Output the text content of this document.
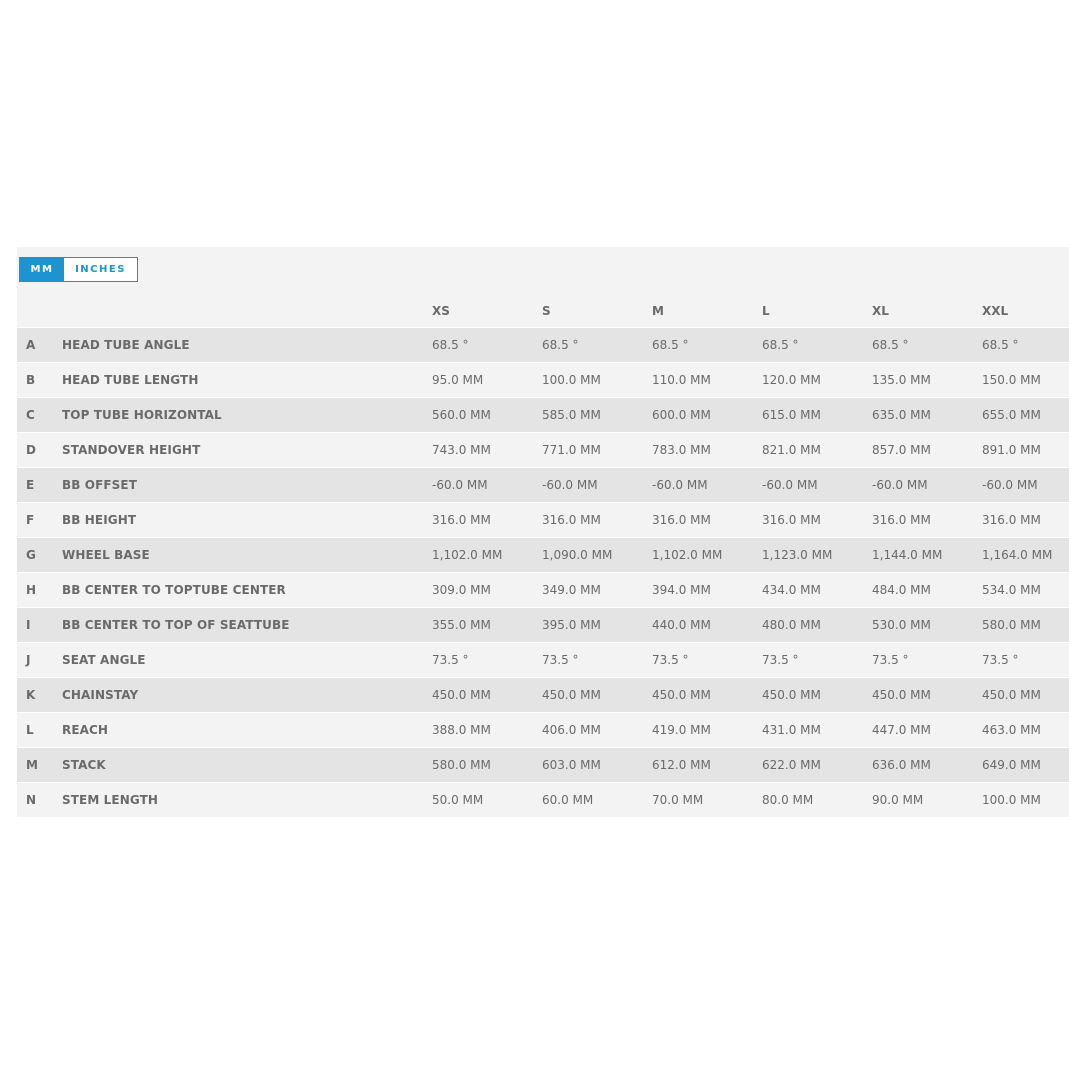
MM	INCHES
		XS	S	M	L	XL	XXL
A	HEAD TUBE ANGLE	68.5 °	68.5 °	68.5 °	68.5 °	68.5 °	68.5 °
B	HEAD TUBE LENGTH	95.0 MM	100.0 MM	110.0 MM	120.0 MM	135.0 MM	150.0 MM
C	TOP TUBE HORIZONTAL	560.0 MM	585.0 MM	600.0 MM	615.0 MM	635.0 MM	655.0 MM
D	STANDOVER HEIGHT	743.0 MM	771.0 MM	783.0 MM	821.0 MM	857.0 MM	891.0 MM
E	BB OFFSET	-60.0 MM	-60.0 MM	-60.0 MM	-60.0 MM	-60.0 MM	-60.0 MM
F	BB HEIGHT	316.0 MM	316.0 MM	316.0 MM	316.0 MM	316.0 MM	316.0 MM
G	WHEEL BASE	1,102.0 MM	1,090.0 MM	1,102.0 MM	1,123.0 MM	1,144.0 MM	1,164.0 MM
H	BB CENTER TO TOPTUBE CENTER	309.0 MM	349.0 MM	394.0 MM	434.0 MM	484.0 MM	534.0 MM
I	BB CENTER TO TOP OF SEATTUBE	355.0 MM	395.0 MM	440.0 MM	480.0 MM	530.0 MM	580.0 MM
J	SEAT ANGLE	73.5 °	73.5 °	73.5 °	73.5 °	73.5 °	73.5 °
K	CHAINSTAY	450.0 MM	450.0 MM	450.0 MM	450.0 MM	450.0 MM	450.0 MM
L	REACH	388.0 MM	406.0 MM	419.0 MM	431.0 MM	447.0 MM	463.0 MM
M	STACK	580.0 MM	603.0 MM	612.0 MM	622.0 MM	636.0 MM	649.0 MM
N	STEM LENGTH	50.0 MM	60.0 MM	70.0 MM	80.0 MM	90.0 MM	100.0 MM
